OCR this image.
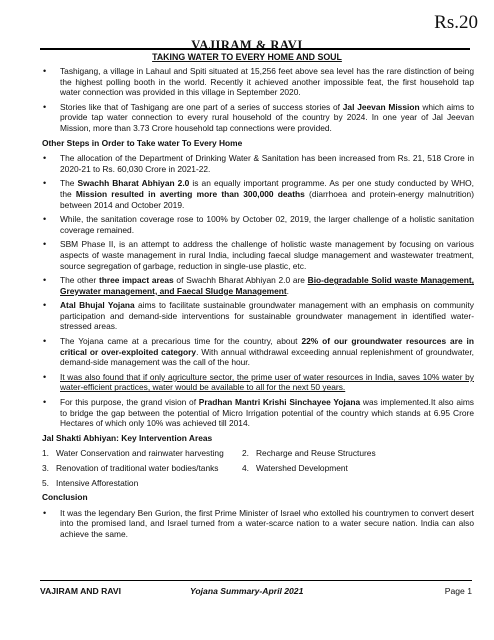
Rs.20
VAJIRAM & RAVI
TAKING WATER TO EVERY HOME AND SOUL
• Tashigang, a village in Lahaul and Spiti situated at 15,256 feet above sea level has the rare distinction of being the highest polling booth in the world. Recently it achieved another impossible feat, the first household tap water connection was provided in this village in September 2020.
• Stories like that of Tashigang are one part of a series of success stories of Jal Jeevan Mission which aims to provide tap water connection to every rural household of the country by 2024. In one year of Jal Jeevan Mission, more than 3.73 Crore household tap connections were provided.
Other Steps in Order to Take water To Every Home
• The allocation of the Department of Drinking Water & Sanitation has been increased from Rs. 21, 518 Crore in 2020-21 to Rs. 60,030 Crore in 2021-22.
• The Swachh Bharat Abhiyan 2.0 is an equally important programme. As per one study conducted by WHO, the Mission resulted in averting more than 300,000 deaths (diarrhoea and protein-energy malnutrition) between 2014 and October 2019.
• While, the sanitation coverage rose to 100% by October 02, 2019, the larger challenge of a holistic sanitation coverage remained.
• SBM Phase II, is an attempt to address the challenge of holistic waste management by focusing on various aspects of waste management in rural India, including faecal sludge management and wastewater treatment, source segregation of garbage, reduction in single-use plastic, etc.
• The other three impact areas of Swachh Bharat Abhiyan 2.0 are Bio-degradable Solid waste Management, Greywater management, and Faecal Sludge Management.
• Atal Bhujal Yojana aims to facilitate sustainable groundwater management with an emphasis on community participation and demand-side interventions for sustainable groundwater management in identified water-stressed areas.
• The Yojana came at a precarious time for the country, about 22% of our groundwater resources are in critical or over-exploited category. With annual withdrawal exceeding annual replenishment of groundwater, demand-side management was the call of the hour.
• It was also found that if only agriculture sector, the prime user of water resources in India, saves 10% water by water-efficient practices, water would be available to all for the next 50 years.
• For this purpose, the grand vision of Pradhan Mantri Krishi Sinchayee Yojana was implemented.It also aims to bridge the gap between the potential of Micro Irrigation potential of the country which stands at 6.95 Crore Hectares of which only 10% was achieved till 2014.
Jal Shakti Abhiyan: Key Intervention Areas
1. Water Conservation and rainwater harvesting	2. Recharge and Reuse Structures
3. Renovation of traditional water bodies/tanks	4. Watershed Development
5. Intensive Afforestation
Conclusion
• It was the legendary Ben Gurion, the first Prime Minister of Israel who extolled his countrymen to convert desert into the promised land, and Israel turned from a water-scarce nation to a water secure nation. India can also achieve the same.
VAJIRAM AND RAVI	Yojana Summary-April 2021	Page 1
